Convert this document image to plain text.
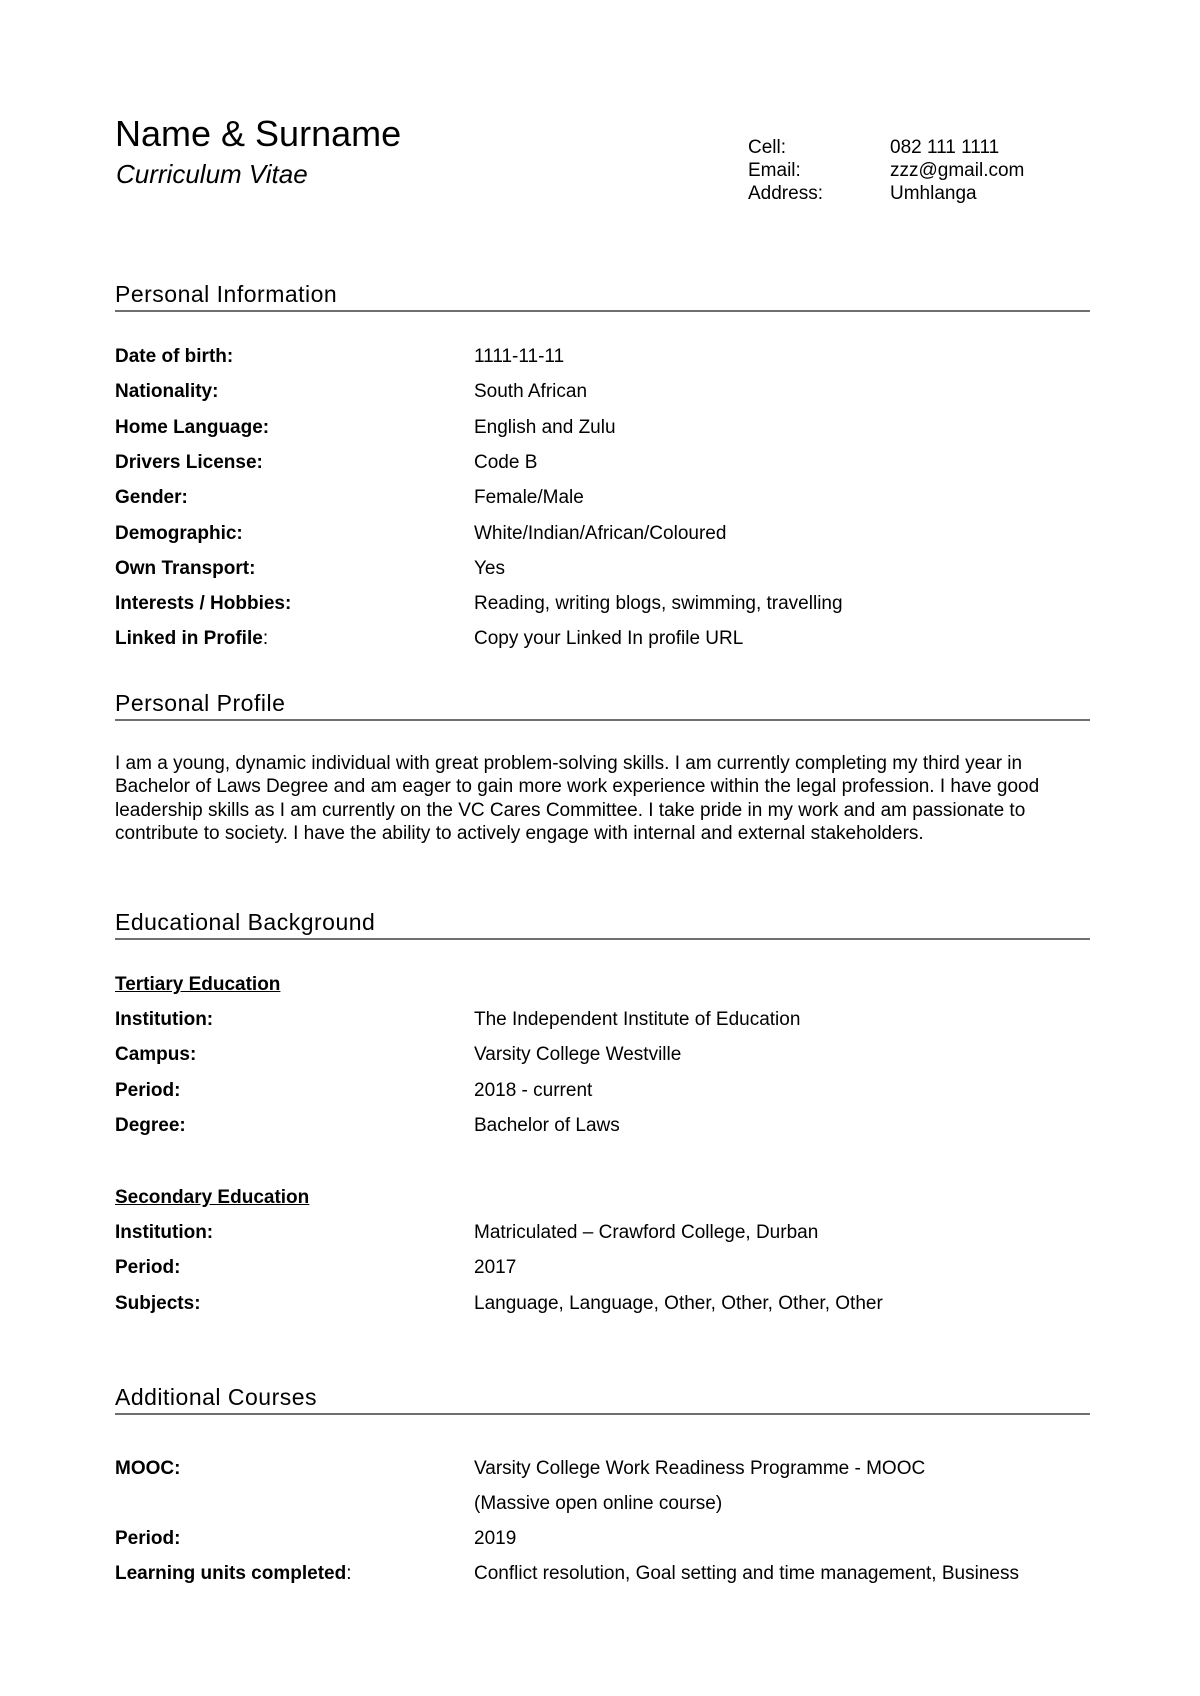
Name & Surname
Curriculum Vitae
Cell:	082 111 1111
Email:	zzz@gmail.com
Address:	Umhlanga
Personal Information
Date of birth:	1111-11-11
Nationality:	South African
Home Language:	English and Zulu
Drivers License:	Code B
Gender:	Female/Male
Demographic:	White/Indian/African/Coloured
Own Transport:	Yes
Interests / Hobbies:	Reading, writing blogs, swimming, travelling
Linked in Profile:	Copy your Linked In profile URL
Personal Profile
I am a young, dynamic individual with great problem-solving skills. I am currently completing my third year in Bachelor of Laws Degree and am eager to gain more work experience within the legal profession. I have good leadership skills as I am currently on the VC Cares Committee. I take pride in my work and am passionate to contribute to society. I have the ability to actively engage with internal and external stakeholders.
Educational Background
Tertiary Education
Institution:	The Independent Institute of Education
Campus:	Varsity College Westville
Period:	2018 - current
Degree:	Bachelor of Laws
Secondary Education
Institution:	Matriculated – Crawford College, Durban
Period:	2017
Subjects:	Language, Language, Other, Other, Other, Other
Additional Courses
MOOC:	Varsity College Work Readiness Programme - MOOC
(Massive open online course)
Period:	2019
Learning units completed:	Conflict resolution, Goal setting and time management, Business
